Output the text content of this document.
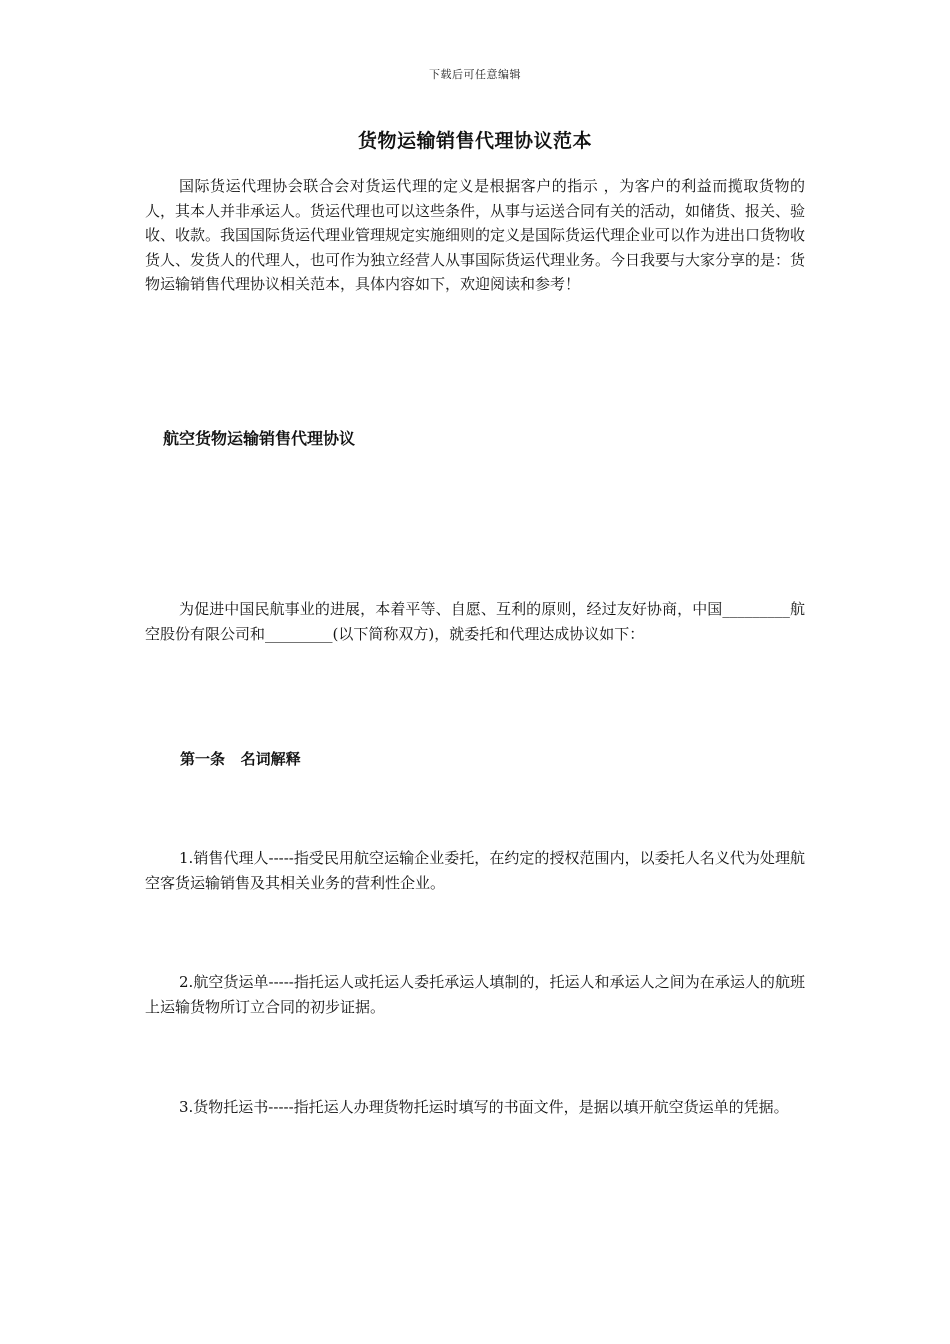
下载后可任意编辑
货物运输销售代理协议范本

国际货运代理协会联合会对货运代理的定义是根据客户的指示 ，为客户的利益而揽取货物的人，其本人并非承运人。货运代理也可以这些条件，从事与运送合同有关的活动，如储货、报关、验收、收款。我国国际货运代理业管理规定实施细则的定义是国际货运代理企业可以作为进出口货物收货人、发货人的代理人，也可作为独立经营人从事国际货运代理业务。今日我要与大家分享的是：货物运输销售代理协议相关范本，具体内容如下，欢迎阅读和参考！

航空货物运输销售代理协议

为促进中国民航事业的进展，本着平等、自愿、互利的原则，经过友好协商，中国_________航空股份有限公司和_________(以下简称双方)，就委托和代理达成协议如下：

第一条   名词解释

1.销售代理人-----指受民用航空运输企业委托，在约定的授权范围内，以委托人名义代为处理航空客货运输销售及其相关业务的营利性企业。

2.航空货运单-----指托运人或托运人委托承运人填制的，托运人和承运人之间为在承运人的航班上运输货物所订立合同的初步证据。

3.货物托运书-----指托运人办理货物托运时填写的书面文件，是据以填开航空货运单的凭据。
